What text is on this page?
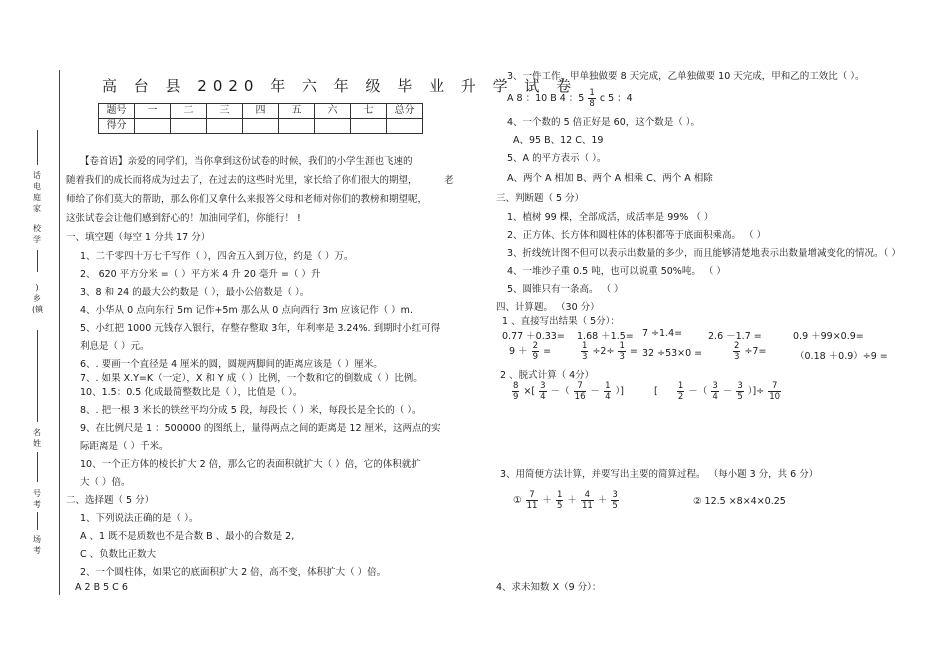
话电庭家
校学
)乡(镇
名姓
号考
场考
高 台 县 2020 年 六 年 级 毕 业 升 学 试 卷
题号	一	二	三	四	五	六	七	总分
得分								
【卷首语】亲爱的同学们，当你拿到这份试卷的时候，我们的小学生涯也飞速的
随着我们的成长而将成为过去了，在过去的这些时光里，家长给了你们很大的期望，	老
师给了你们莫大的帮助，那么你们又拿什么来报答父母和老师对你们的教榜和期望呢，
这张试卷会让他们感到舒心的！加油同学们，你能行！ !
一、填空题（每空 1 分共 17 分）
1、二千零四十万七千写作（ ），四舍五入到万位，约是（ ）万。
2、 620 平方分米 =（ ）平方米 4 升 20 毫升 =（ ）升
3、8 和 24 的最大公约数是（ ），最小公倍数是（ ）。
4、小华从 0 点向东行 5m 记作+5m 那么从 0 点向西行 3m 应该记作（ ）m.
5、小红把 1000 元钱存入银行，存整存整取 3年，年利率是 3.24%. 到期时小红可得
利息是（ ）元。
6、. 要画一个直径是 4 厘米的圆，圆规两脚间的距离应该是（ ）厘米。
7、. 如果 X.Y=K（一定），X 和 Y 成（ ）比例，一个数和它的倒数成（ ）比例。
10、1.5：0.5 化成最简整数比是（ ），比值是（ ）。
8、. 把一根 3 米长的铁丝平均分成 5 段，每段长（ ）米，每段长是全长的（ ）。
9、在比例尺是 1 ：500000 的图纸上，量得两点之间的距离是 12 厘米，这两点的实
际距离是（ ）千米。
10、一个正方体的棱长扩大 2 倍，那么它的表面积就扩大（ ）倍，它的体积就扩
大（ ）倍。
二、选择题（ 5 分）
1、下列说法正确的是（ ）。
A 、1 既不是质数也不是合数 B 、最小的合数是 2,
C 、负数比正数大
2、一个圆柱体，如果它的底面积扩大 2 倍，高不变，体积扩大（ ）倍。
A 2 B 5 C 6
3、一件工作，甲单独做要 8 天完成，乙单独做要 10 天完成，甲和乙的工效比（ ）。
A 8 ：10 B 4 ：$5 \frac{1}{8}$ c 5 ：4
4、一个数的 5 倍正好是 60，这个数是（ ）。
A、95 B、12 C、19
5、A 的平方表示（ ）。
A、两个 A 相加 B、两个 A 相乘 C、两个 A 相除
三、判断题（ 5 分）
1、植树 99 棵，全部成活，成活率是 99% （ ）
2、正方体、长方体和圆柱体的体积都等于底面积乘高。 （ ）
3、折线统计图不但可以表示出数量的多少，而且能够清楚地表示出数量增减变化的情况。（ ）
4、一堆沙子重 0.5 吨，也可以说重 50%吨。 （ ）
5、圆锥只有一条高。 （ ）
四、计算题。 （30 分）
1 、直接写出结果（ 5分）：
0.77 ＋0.33= 1.68 ＋1.5= 7 ÷1.4=	2.6 －1.7 =	0.9 ＋99×0.9=
$9 + \frac{2}{9}$ =	$\frac{1}{3} \div 2\div \frac{1}{3} = 32 \div 53\times 0$ =	$\frac{2}{3} \div 7=$	（0.18 ＋0.9）÷9 =
2 、脱式计算（ 4分）
$\frac{8}{9}$ ×[ $\frac{3}{4}$ －（ $\frac{7}{16} - \frac{1}{4}$ ）]	[ $\frac{1}{2}$ －（ $\frac{3}{4} - \frac{3}{5}$ ）]÷ $\frac{7}{10}$
3、用简便方法计算，并要写出主要的简算过程。 （每小题 3 分，共 6 分）
① $\frac{7}{11} + \frac{1}{5} + \frac{4}{11} + \frac{3}{5}$	② 12.5 ×8×4×0.25
4、求未知数 X（9 分）：
